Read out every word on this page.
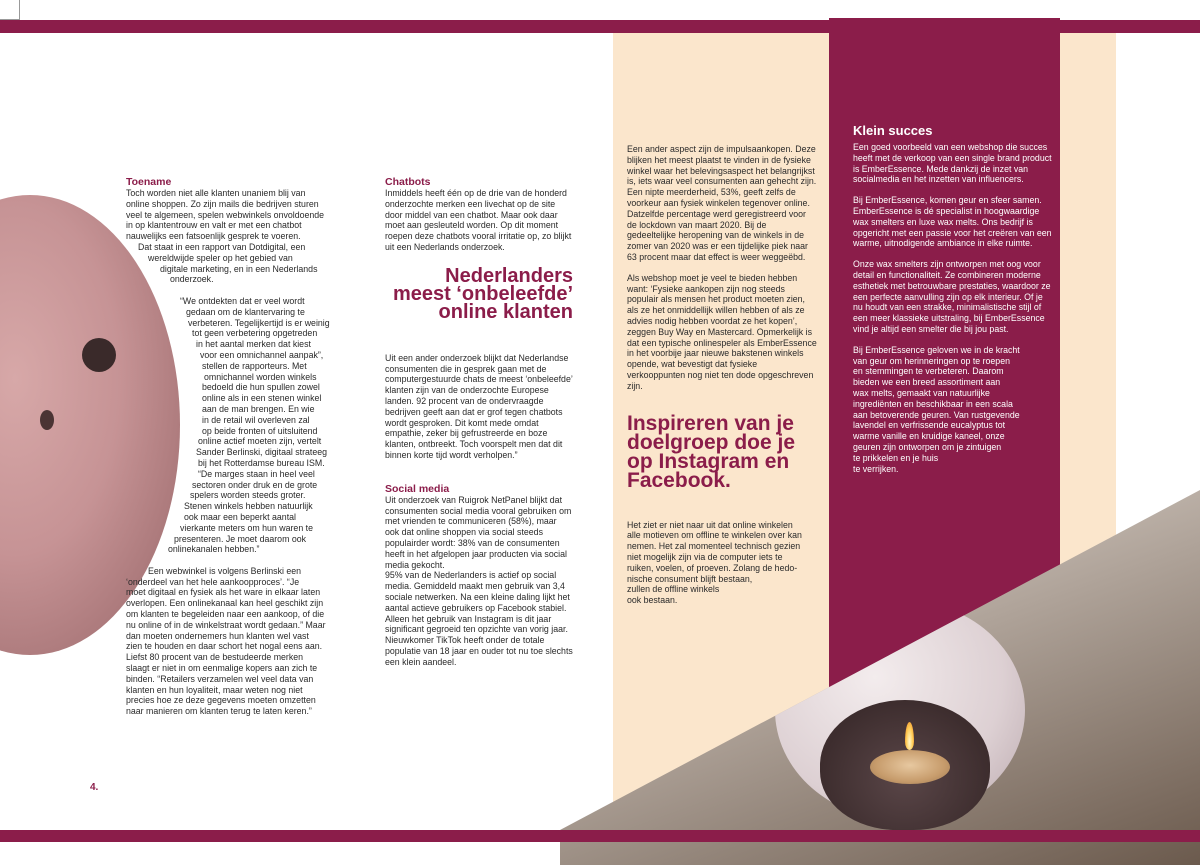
Toename
Toch worden niet alle klanten unaniem blij van
online shoppen. Zo zijn mails die bedrijven sturen
veel te algemeen, spelen webwinkels onvoldoende
in op klantentrouw en valt er met een chatbot
nauwelijks een fatsoenlijk gesprek te voeren.
Dat staat in een rapport van Dotdigital, een
wereldwijde speler op het gebied van
digitale marketing, en in een Nederlands
onderzoek.
“We ontdekten dat er veel wordt
gedaan om de klantervaring te
verbeteren. Tegelijkertijd is er weinig
tot geen verbetering opgetreden
in het aantal merken dat kiest
voor een omnichannel aanpak”,
stellen de rapporteurs. Met
omnichannel worden winkels
bedoeld die hun spullen zowel
online als in een stenen winkel
aan de man brengen. En wie
in de retail wil overleven zal
op beide fronten of uitsluitend
online actief moeten zijn, vertelt
Sander Berlinski, digitaal strateeg
bij het Rotterdamse bureau ISM.
“De marges staan in heel veel
sectoren onder druk en de grote
spelers worden steeds groter.
Stenen winkels hebben natuurlijk
ook maar een beperkt aantal
vierkante meters om hun waren te
presenteren. Je moet daarom ook
onlinekanalen hebben.”
Een webwinkel is volgens Berlinski een
‘onderdeel van het hele aankoopproces’. “Je
moet digitaal en fysiek als het ware in elkaar laten
overlopen. Een onlinekanaal kan heel geschikt zijn
om klanten te begeleiden naar een aankoop, of die
nu online of in de winkelstraat wordt gedaan.” Maar
dan moeten ondernemers hun klanten wel vast
zien te houden en daar schort het nogal eens aan.
Liefst 80 procent van de bestudeerde merken
slaagt er niet in om eenmalige kopers aan zich te
binden. “Retailers verzamelen wel veel data van
klanten en hun loyaliteit, maar weten nog niet
precies hoe ze deze gegevens moeten omzetten
naar manieren om klanten terug te laten keren.”
Chatbots

Inmiddels heeft één op de drie van de honderd onderzochte merken een livechat op de site door middel van een chatbot. Maar ook daar moet aan gesleuteld worden. Op dit moment roepen deze chatbots vooral irritatie op, zo blijkt uit een Nederlands onderzoek.

Nederlanders
meest ‘onbeleefde’
online klanten

Uit een ander onderzoek blijkt dat Nederlandse consumenten die in gesprek gaan met de computergestuurde chats de meest ‘onbeleefde’ klanten zijn van de onderzochte Europese landen. 92 procent van de ondervraagde bedrijven geeft aan dat er grof tegen chatbots wordt gesproken. Dit komt mede omdat empathie, zeker bij gefrustreerde en boze klanten, ontbreekt. Toch voorspelt men dat dit binnen korte tijd wordt verholpen.”

Social media

Uit onderzoek van Ruigrok NetPanel blijkt dat consumenten social media vooral gebruiken om met vrienden te communiceren (58%), maar ook dat online shoppen via social steeds populairder wordt: 38% van de consumenten heeft in het afgelopen jaar producten via social media gekocht.

95% van de Nederlanders is actief op social media. Gemiddeld maakt men gebruik van 3,4 sociale netwerken. Na een kleine daling lijkt het aantal actieve gebruikers op Facebook stabiel. Alleen het gebruik van Instagram is dit jaar significant gegroeid ten opzichte van vorig jaar. Nieuwkomer TikTok heeft onder de totale populatie van 18 jaar en ouder tot nu toe slechts een klein aandeel.

Een ander aspect zijn de impulsaankopen. Deze blijken het meest plaatst te vinden in de fysieke winkel waar het belevingsaspect het belangrijkst is, iets waar veel consumenten aan gehecht zijn. Een nipte meerderheid, 53%, geeft zelfs de voorkeur aan fysiek winkelen tegenover online. Datzelfde percentage werd geregistreerd voor de lockdown van maart 2020. Bij de gedeeltelijke heropening van de winkels in de zomer van 2020 was er een tijdelijke piek naar 63 procent maar dat effect is weer weggeëbd.

Als webshop moet je veel te bieden hebben want: ‘Fysieke aankopen zijn nog steeds populair als mensen het product moeten zien, als ze het onmiddellijk willen hebben of als ze advies nodig hebben voordat ze het kopen’, zeggen Buy Way en Mastercard. Opmerkelijk is dat een typische onlinespeler als EmberEssence in het voorbije jaar nieuwe bakstenen winkels opende, wat bevestigt dat fysieke verkooppunten nog niet ten dode opgeschreven zijn.

Inspireren van je
doelgroep doe je
op Instagram en
Facebook.
Het ziet er niet naar uit dat online winkelen
alle motieven om offline te winkelen over kan
nemen. Het zal momenteel technisch gezien
niet mogelijk zijn via de computer iets te
ruiken, voelen, of proeven. Zolang de hedo-
nische consument blijft bestaan,
zullen de offline winkels
ook bestaan.
Klein succes

Een goed voorbeeld van een webshop die succes heeft met de verkoop van een single brand product is EmberEssence. Mede dankzij de inzet van socialmedia en het inzetten van influencers.

Bij EmberEssence, komen geur en sfeer samen. EmberEssence is dé specialist in hoogwaardige wax smelters en luxe wax melts. Ons bedrijf is opgericht met een passie voor het creëren van een warme, uitnodigende ambiance in elke ruimte.

Onze wax smelters zijn ontworpen met oog voor detail en functionaliteit. Ze combineren moderne esthetiek met betrouwbare prestaties, waardoor ze een perfecte aanvulling zijn op elk interieur. Of je nu houdt van een strakke, minimalistische stijl of een meer klassieke uitstraling, bij EmberEssence vind je altijd een smelter die bij jou past.

Bij EmberEssence geloven we in de kracht
van geur om herinneringen op te roepen
en stemmingen te verbeteren. Daarom
bieden we een breed assortiment aan
wax melts, gemaakt van natuurlijke
ingrediënten en beschikbaar in een scala
aan betoverende geuren. Van rustgevende
lavendel en verfrissende eucalyptus tot
warme vanille en kruidige kaneel, onze
geuren zijn ontworpen om je zintuigen
te prikkelen en je huis
te verrijken.
4.
